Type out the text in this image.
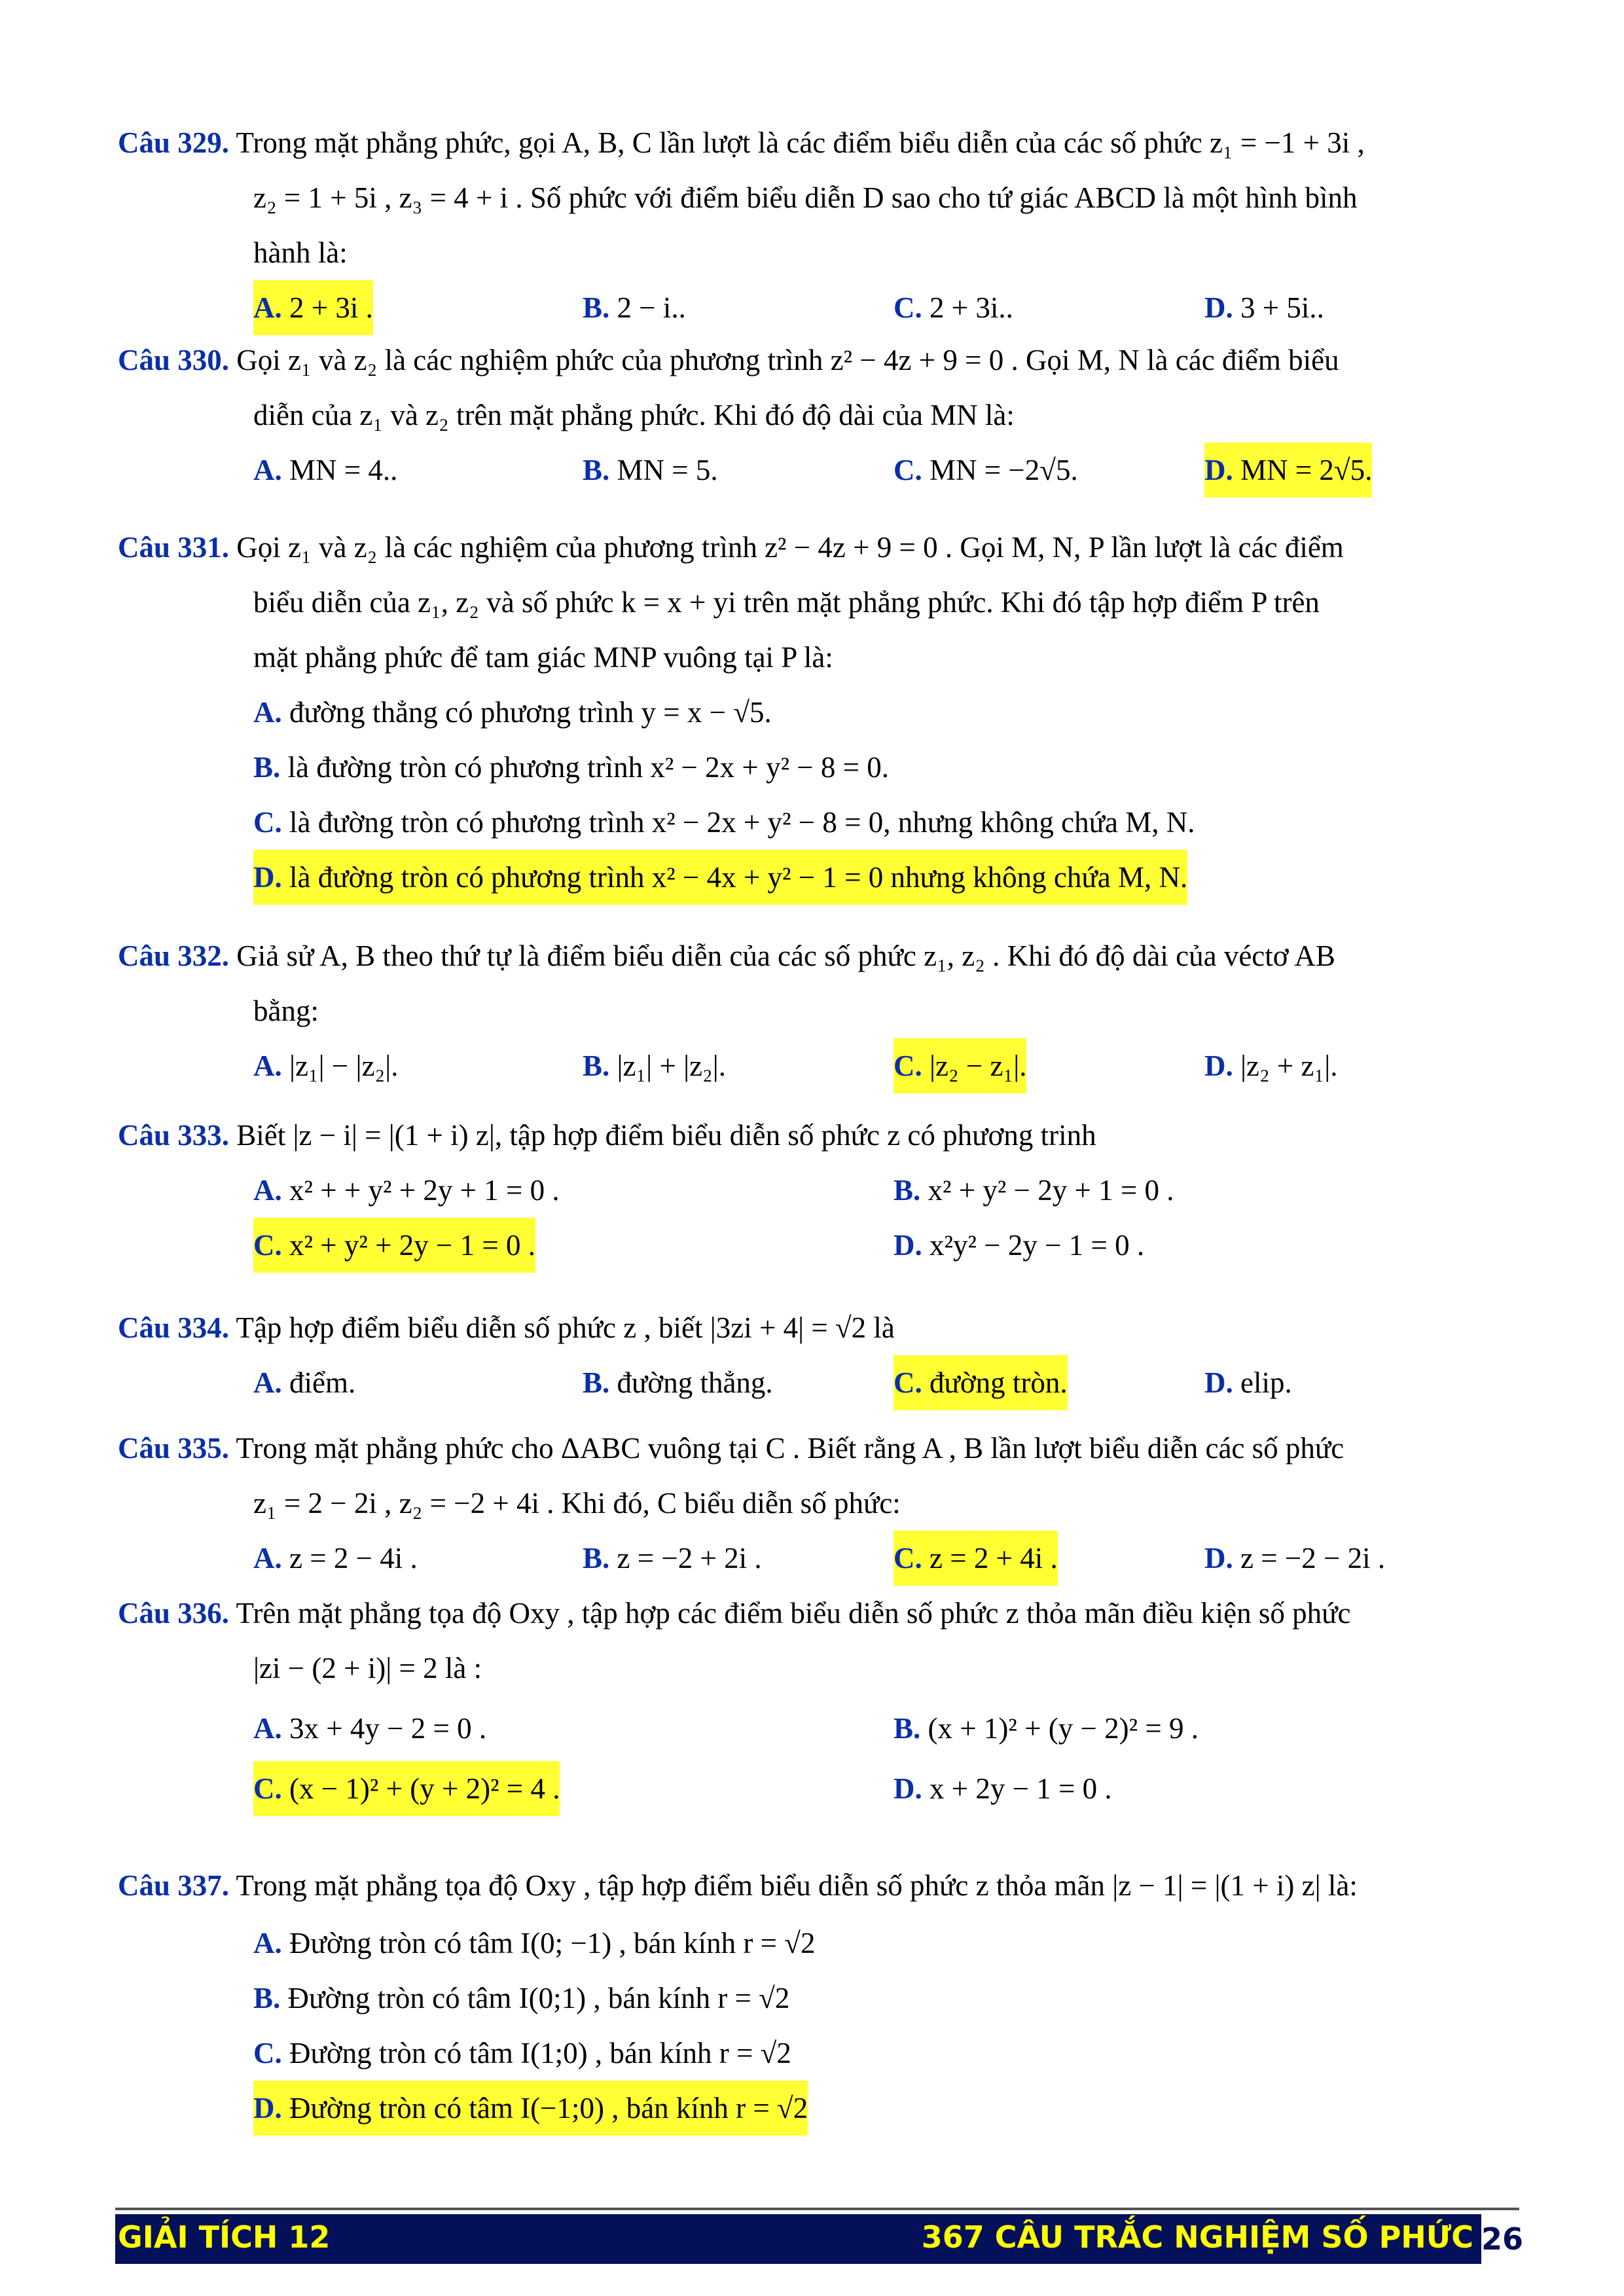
Câu 329. Trong mặt phẳng phức, gọi A, B, C lần lượt là các điểm biểu diễn của các số phức z₁ = −1 + 3i ,
z₂ = 1 + 5i , z₃ = 4 + i . Số phức với điểm biểu diễn D sao cho tứ giác ABCD là một hình bình
hành là:
A. 2 + 3i .	B. 2 − i..	C. 2 + 3i..	D. 3 + 5i..
Câu 330. Gọi z₁ và z₂ là các nghiệm phức của phương trình z² − 4z + 9 = 0 . Gọi M, N là các điểm biểu
diễn của z₁ và z₂ trên mặt phẳng phức. Khi đó độ dài của MN là:
A. MN = 4..	B. MN = 5.	C. MN = −2√5.	D. MN = 2√5.
Câu 331. Gọi z₁ và z₂ là các nghiệm của phương trình z² − 4z + 9 = 0 . Gọi M, N, P lần lượt là các điểm
biểu diễn của z₁, z₂ và số phức k = x + yi trên mặt phẳng phức. Khi đó tập hợp điểm P trên
mặt phẳng phức để tam giác MNP vuông tại P là:
A. đường thẳng có phương trình y = x − √5.
B. là đường tròn có phương trình x² − 2x + y² − 8 = 0.
C. là đường tròn có phương trình x² − 2x + y² − 8 = 0, nhưng không chứa M, N.
D. là đường tròn có phương trình x² − 4x + y² − 1 = 0 nhưng không chứa M, N.
Câu 332. Giả sử A, B theo thứ tự là điểm biểu diễn của các số phức z₁, z₂ . Khi đó độ dài của véctơ AB
bằng:
A. |z₁| − |z₂|.	B. |z₁| + |z₂|.	C. |z₂ − z₁|.	D. |z₂ + z₁|.
Câu 333. Biết |z − i| = |(1 + i) z|, tập hợp điểm biểu diễn số phức z có phương trinh
A. x² + + y² + 2y + 1 = 0 .	B. x² + y² − 2y + 1 = 0 .
C. x² + y² + 2y − 1 = 0 .	D. x²y² − 2y − 1 = 0 .
Câu 334. Tập hợp điểm biểu diễn số phức z , biết |3zi + 4| = √2 là
A. điểm.	B. đường thẳng.	C. đường tròn.	D. elip.
Câu 335. Trong mặt phẳng phức cho ΔABC vuông tại C . Biết rằng A , B lần lượt biểu diễn các số phức
z₁ = 2 − 2i , z₂ = −2 + 4i . Khi đó, C biểu diễn số phức:
A. z = 2 − 4i .	B. z = −2 + 2i .	C. z = 2 + 4i .	D. z = −2 − 2i .
Câu 336. Trên mặt phẳng tọa độ Oxy , tập hợp các điểm biểu diễn số phức z thỏa mãn điều kiện số phức
|zi − (2 + i)| = 2 là :
A. 3x + 4y − 2 = 0 .	B. (x + 1)² + (y − 2)² = 9 .
C. (x − 1)² + (y + 2)² = 4 .	D. x + 2y − 1 = 0 .
Câu 337. Trong mặt phẳng tọa độ Oxy , tập hợp điểm biểu diễn số phức z thỏa mãn |z − 1| = |(1 + i) z| là:
A. Đường tròn có tâm I(0; −1) , bán kính r = √2
B. Đường tròn có tâm I(0;1) , bán kính r = √2
C. Đường tròn có tâm I(1;0) , bán kính r = √2
D. Đường tròn có tâm I(−1;0) , bán kính r = √2
GIẢI TÍCH 12	367 CÂU TRẮC NGHIỆM SỐ PHỨC 26
